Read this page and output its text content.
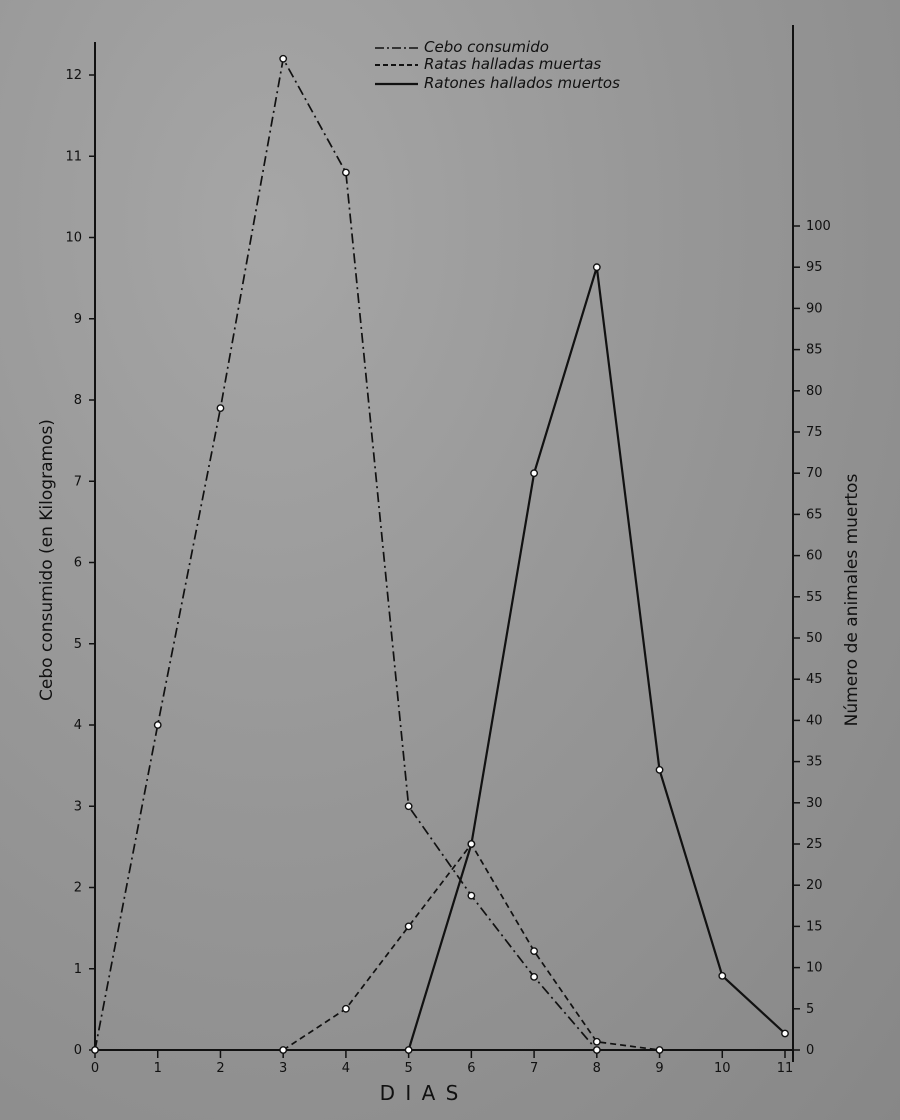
0	1	2	3	4	5	6	7	8	9	10	11
0
1
2
3
4
5
6
7
8
9
10
11
12
0
5
10
15
20
25
30
35
40
45
50
55
60
65
70
75
80
85
90
95
100
Cebo consumido
Ratas halladas muertas
Ratones hallados muertos
Cebo consumido (en Kilogramos)	Número de animales muertos
D I A S
